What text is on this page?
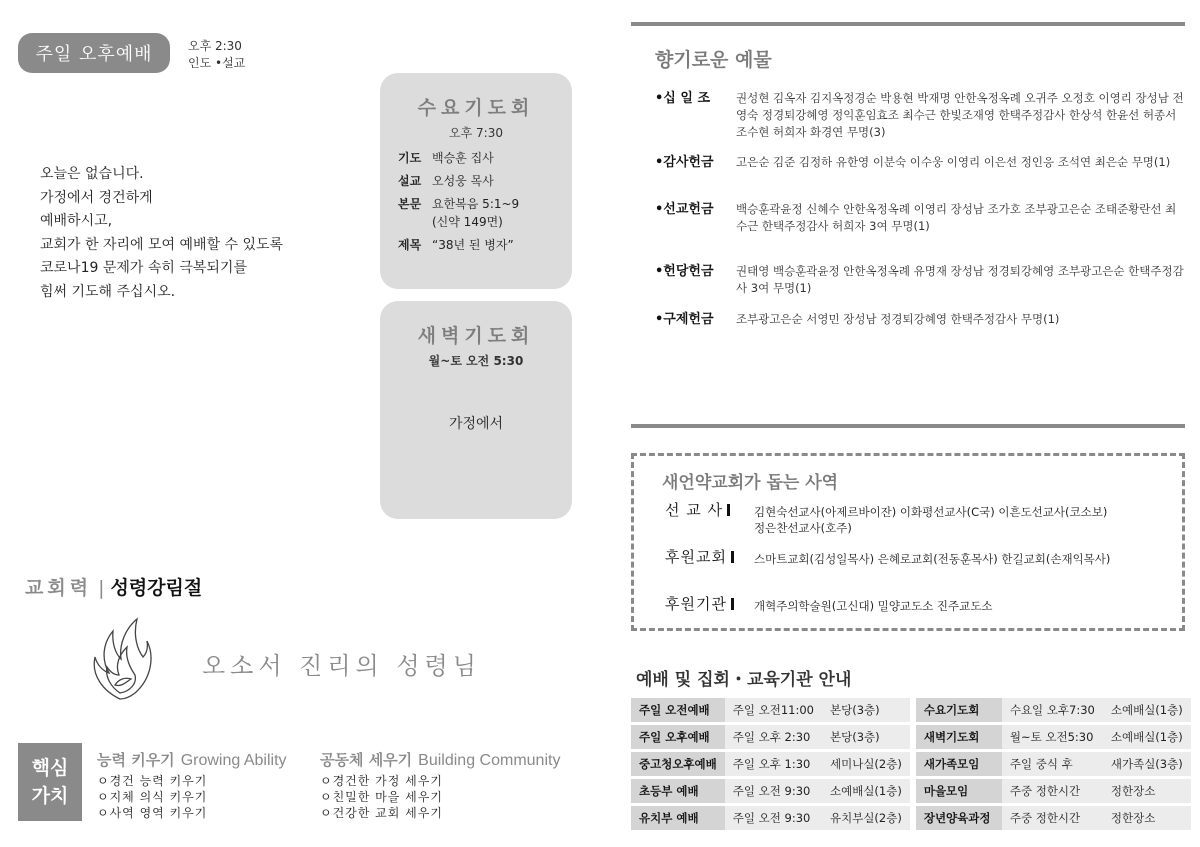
주일 오후예배	오후 2:30
인도 •설교
오늘은 없습니다.
가정에서 경건하게
예배하시고,
교회가 한 자리에 모여 예배할 수 있도록
코로나19 문제가 속히 극복되기를
힘써 기도해 주십시오.
수요기도회
오후 7:30
기도 백승훈 집사
설교 오성웅 목사
본문 요한복음 5:1~9
(신약 149면)
제목 “38년 된 병자”
새벽기도회
월~토 오전 5:30
가정에서
교회력 | 성령강림절
오소서 진리의 성령님
핵심
가치
능력 키우기 Growing Ability
ㅇ경건 능력 키우기
ㅇ지체 의식 키우기
ㅇ사역 영역 키우기
공동체 세우기 Building Community
ㅇ경건한 가정 세우기
ㅇ친밀한 마을 세우기
ㅇ건강한 교회 세우기
향기로운 예물
•십 일 조 권성현 김옥자 김지옥정경순 박용현 박재명 안한옥정옥례 오귀주 오정호 이영리 장성남 전영숙 정경퇴강혜영 정익훈임효조 최수근 한빛조재영 한택주정감사 한상석 한윤선 허종서조수현 허희자 화경연 무명(3)
•감사헌금 고은순 김준 김정하 유한영 이분숙 이수웅 이영리 이은선 정인응 조석연 최은순 무명(1)
•선교헌금 백승훈곽윤정 신혜수 안한옥정옥례 이영리 장성남 조가호 조부광고은순 조태준황란선 최수근 한택주정감사 허희자 3여 무명(1)
•헌당헌금 권태영 백승훈곽윤정 안한옥정옥례 유명재 장성남 정경퇴강혜영 조부광고은순 한택주정감사 3여 무명(1)
•구제헌금 조부광고은순 서영민 장성남 정경퇴강혜영 한택주정감사 무명(1)
새언약교회가 돕는 사역
선 교 사	김현숙선교사(아제르바이잔) 이화평선교사(C국) 이흔도선교사(코소보)
정은찬선교사(호주)
후원교회	스마트교회(김성일목사) 은혜로교회(전동훈목사) 한길교회(손재익목사)
후원기관	개혁주의학술원(고신대) 밀양교도소 진주교도소
예배 및 집회・교육기관 안내
주일 오전예배	주일 오전11:00	본당(3층)	수요기도회	수요일 오후7:30	소예배실(1층)
주일 오후예배	주일 오후 2:30	본당(3층)	새벽기도회	월~토 오전5:30	소예배실(1층)
중고청오후예배	주일 오후 1:30	세미나실(2층)	새가족모임	주일 중식 후	새가족실(3층)
초등부 예배	주일 오전 9:30	소예배실(1층)	마을모임	주중 정한시간	정한장소
유치부 예배	주일 오전 9:30	유치부실(2층)	장년양육과정	주중 정한시간	정한장소
